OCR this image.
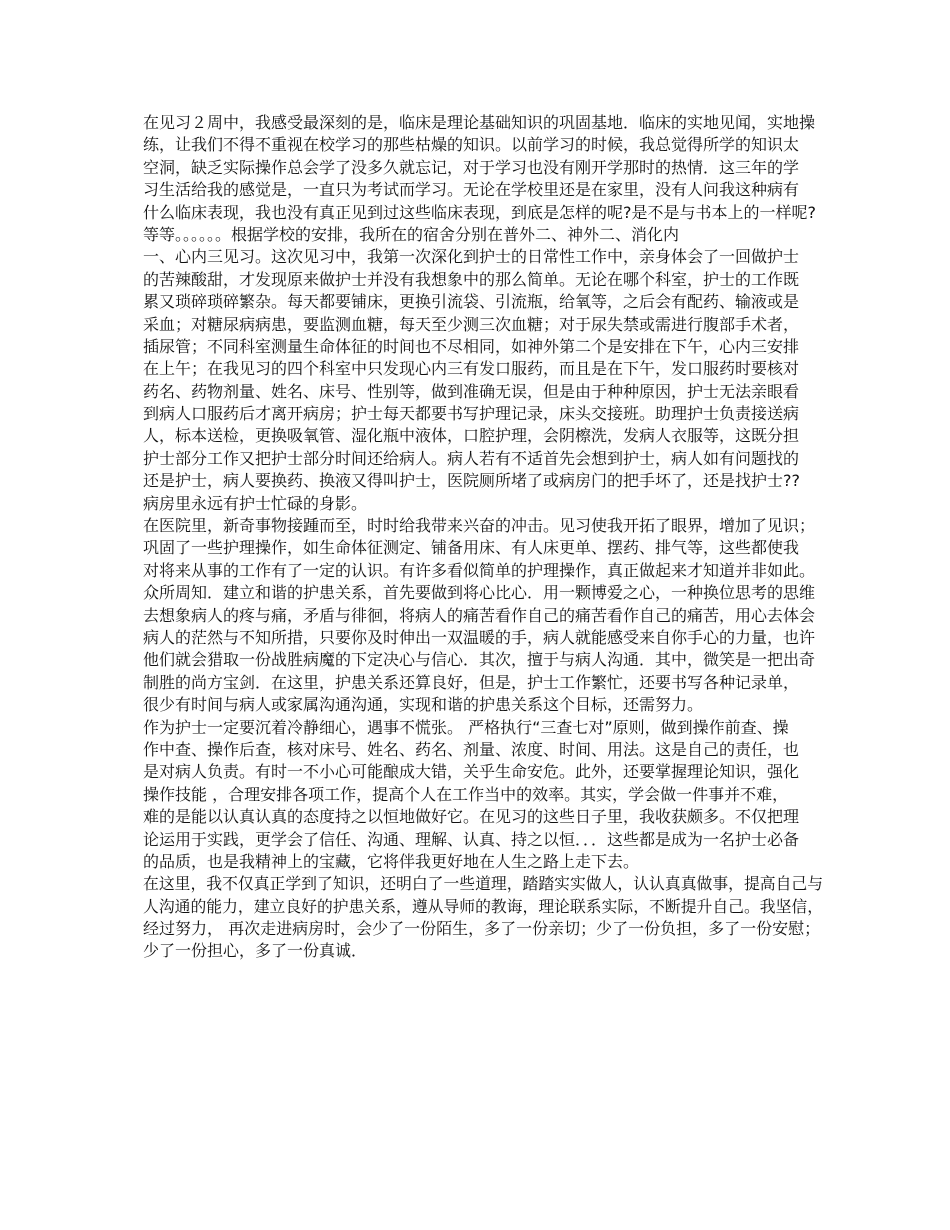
在见习２周中，我感受最深刻的是，临床是理论基础知识的巩固基地．临床的实地见闻，实地操
练，让我们不得不重视在校学习的那些枯燥的知识。以前学习的时候，我总觉得所学的知识太
空洞，缺乏实际操作总会学了没多久就忘记，对于学习也没有刚开学那时的热情．这三年的学
习生活给我的感觉是，一直只为考试而学习。无论在学校里还是在家里，没有人问我这种病有
什么临床表现，我也没有真正见到过这些临床表现，到底是怎样的呢?是不是与书本上的一样呢?
等等。。。。。。根据学校的安排，我所在的宿舍分别在普外二、神外二、消化内
一、心内三见习。这次见习中，我第一次深化到护士的日常性工作中，亲身体会了一回做护士
的苦辣酸甜，才发现原来做护士并没有我想象中的那么简单。无论在哪个科室，护士的工作既
累又琐碎琐碎繁杂。每天都要铺床，更换引流袋、引流瓶，给氧等，之后会有配药、输液或是
采血；对糖尿病病患，要监测血糖，每天至少测三次血糖；对于尿失禁或需进行腹部手术者，
插尿管；不同科室测量生命体征的时间也不尽相同，如神外第二个是安排在下午，心内三安排
在上午；在我见习的四个科室中只发现心内三有发口服药，而且是在下午，发口服药时要核对
药名、药物剂量、姓名、床号、性别等，做到准确无误，但是由于种种原因，护士无法亲眼看
到病人口服药后才离开病房；护士每天都要书写护理记录，床头交接班。助理护士负责接送病
人，标本送检，更换吸氧管、湿化瓶中液体，口腔护理，会阴檫洗，发病人衣服等，这既分担
护士部分工作又把护士部分时间还给病人。病人若有不适首先会想到护士，病人如有问题找的
还是护士，病人要换药、换液又得叫护士，医院厕所堵了或病房门的把手坏了，还是找护士??
病房里永远有护士忙碌的身影。
在医院里，新奇事物接踵而至，时时给我带来兴奋的冲击。见习使我开拓了眼界，增加了见识；
巩固了一些护理操作，如生命体征测定、铺备用床、有人床更单、摆药、排气等，这些都使我
对将来从事的工作有了一定的认识。有许多看似简单的护理操作，真正做起来才知道并非如此。
众所周知．建立和谐的护患关系，首先要做到将心比心．用一颗博爱之心，一种换位思考的思维
去想象病人的疼与痛，矛盾与徘徊，将病人的痛苦看作自己的痛苦看作自己的痛苦，用心去体会
病人的茫然与不知所措，只要你及时伸出一双温暖的手，病人就能感受来自你手心的力量，也许
他们就会猎取一份战胜病魔的下定决心与信心．其次，擅于与病人沟通．其中，微笑是一把出奇
制胜的尚方宝剑．在这里，护患关系还算良好，但是，护士工作繁忙，还要书写各种记录单，
很少有时间与病人或家属沟通沟通，实现和谐的护患关系这个目标，还需努力。
作为护士一定要沉着冷静细心，遇事不慌张。 严格执行“三查七对”原则，做到操作前查、操
作中查、操作后查，核对床号、姓名、药名、剂量、浓度、时间、用法。这是自己的责任，也
是对病人负责。有时一不小心可能酿成大错，关乎生命安危。此外，还要掌握理论知识，强化
操作技能 ，合理安排各项工作，提高个人在工作当中的效率。其实，学会做一件事并不难，
难的是能以认真认真的态度持之以恒地做好它。在见习的这些日子里，我收获颇多。不仅把理
论运用于实践，更学会了信任、沟通、理解、认真、持之以恒．．．这些都是成为一名护士必备
的品质，也是我精神上的宝藏，它将伴我更好地在人生之路上走下去。
在这里，我不仅真正学到了知识，还明白了一些道理，踏踏实实做人，认认真真做事，提高自己与
人沟通的能力，建立良好的护患关系，遵从导师的教诲，理论联系实际，不断提升自己。我坚信，
经过努力， 再次走进病房时，会少了一份陌生，多了一份亲切；少了一份负担，多了一份安慰；
少了一份担心，多了一份真诚．
